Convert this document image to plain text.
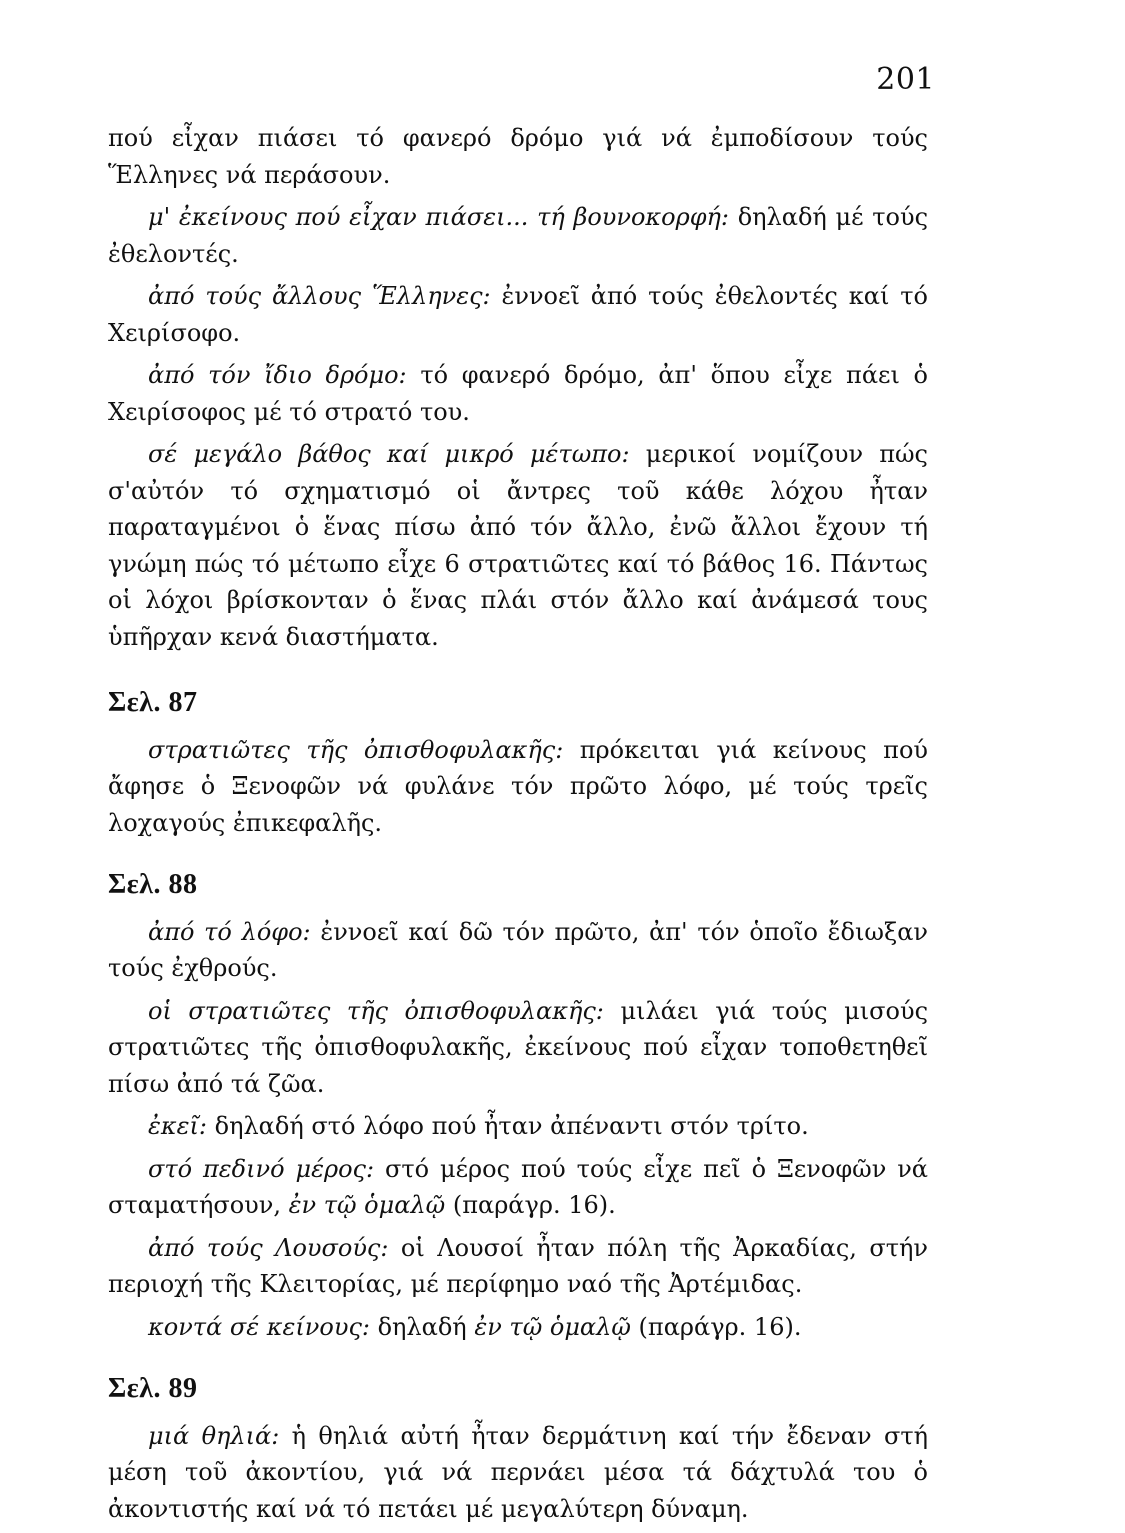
201

πού εἶχαν πιάσει τό φανερό δρόμο γιά νά ἐμποδίσουν τούς Ἕλληνες νά περάσουν.

μ' ἐκείνους πού εἶχαν πιάσει... τή βουνοκορφή: δηλαδή μέ τούς ἐθελοντές.

ἀπό τούς ἄλλους Ἕλληνες: ἐννοεῖ ἀπό τούς ἐθελοντές καί τό Χειρίσοφο.

ἀπό τόν ἴδιο δρόμο: τό φανερό δρόμο, ἀπ' ὅπου εἶχε πάει ὁ Χειρίσοφος μέ τό στρατό του.

σέ μεγάλο βάθος καί μικρό μέτωπο: μερικοί νομίζουν πώς σ'αὐτόν τό σχηματισμό οἱ ἄντρες τοῦ κάθε λόχου ἦταν παραταγμένοι ὁ ἕνας πίσω ἀπό τόν ἄλλο, ἐνῶ ἄλλοι ἔχουν τή γνώμη πώς τό μέτωπο εἶχε 6 στρατιῶτες καί τό βάθος 16. Πάντως οἱ λόχοι βρίσκονταν ὁ ἕνας πλάι στόν ἄλλο καί ἀνάμεσά τους ὑπῆρχαν κενά διαστήματα.

Σελ. 87

στρατιῶτες τῆς ὀπισθοφυλακῆς: πρόκειται γιά κείνους πού ἄφησε ὁ Ξενοφῶν νά φυλάνε τόν πρῶτο λόφο, μέ τούς τρεῖς λοχαγούς ἐπικεφαλῆς.

Σελ. 88

ἀπό τό λόφο: ἐννοεῖ καί δῶ τόν πρῶτο, ἀπ' τόν ὁποῖο ἔδιωξαν τούς ἐχθρούς.

οἱ στρατιῶτες τῆς ὀπισθοφυλακῆς: μιλάει γιά τούς μισούς στρατιῶτες τῆς ὀπισθοφυλακῆς, ἐκείνους πού εἶχαν τοποθετηθεῖ πίσω ἀπό τά ζῶα.

ἐκεῖ: δηλαδή στό λόφο πού ἦταν ἀπέναντι στόν τρίτο.

στό πεδινό μέρος: στό μέρος πού τούς εἶχε πεῖ ὁ Ξενοφῶν νά σταματήσουν, ἐν τῷ ὁμαλῷ (παράγρ. 16).

ἀπό τούς Λουσούς: οἱ Λουσοί ἦταν πόλη τῆς Ἀρκαδίας, στήν περιοχή τῆς Κλειτορίας, μέ περίφημο ναό τῆς Ἀρτέμιδας.

κοντά σέ κείνους: δηλαδή ἐν τῷ ὁμαλῷ (παράγρ. 16).

Σελ. 89

μιά θηλιά: ἡ θηλιά αὐτή ἦταν δερμάτινη καί τήν ἔδεναν στή μέση τοῦ ἀκοντίου, γιά νά περνάει μέσα τά δάχτυλά του ὁ ἀκοντιστής καί νά τό πετάει μέ μεγαλύτερη δύναμη.
